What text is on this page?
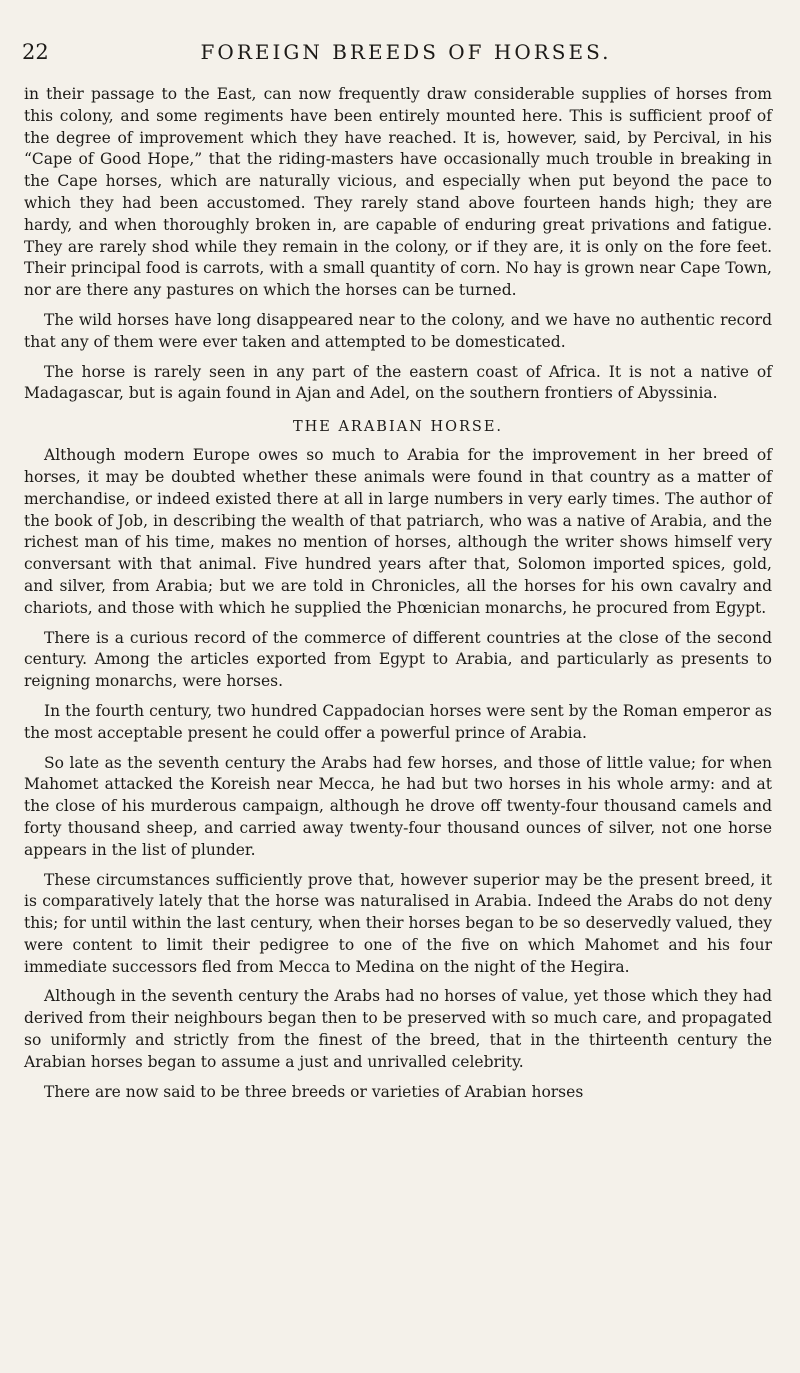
22	FOREIGN BREEDS OF HORSES.

in their passage to the East, can now frequently draw considerable supplies of horses from this colony, and some regiments have been entirely mounted here. This is sufficient proof of the degree of improvement which they have reached. It is, however, said, by Percival, in his “Cape of Good Hope,” that the riding-masters have occasionally much trouble in breaking in the Cape horses, which are naturally vicious, and especially when put beyond the pace to which they had been accustomed. They rarely stand above fourteen hands high; they are hardy, and when thoroughly broken in, are capable of enduring great privations and fatigue. They are rarely shod while they remain in the colony, or if they are, it is only on the fore feet. Their principal food is carrots, with a small quantity of corn. No hay is grown near Cape Town, nor are there any pastures on which the horses can be turned.

The wild horses have long disappeared near to the colony, and we have no authentic record that any of them were ever taken and attempted to be domesticated.

The horse is rarely seen in any part of the eastern coast of Africa. It is not a native of Madagascar, but is again found in Ajan and Adel, on the southern frontiers of Abyssinia.

THE ARABIAN HORSE.

Although modern Europe owes so much to Arabia for the improvement in her breed of horses, it may be doubted whether these animals were found in that country as a matter of merchandise, or indeed existed there at all in large numbers in very early times. The author of the book of Job, in describing the wealth of that patriarch, who was a native of Arabia, and the richest man of his time, makes no mention of horses, although the writer shows himself very conversant with that animal. Five hundred years after that, Solomon imported spices, gold, and silver, from Arabia; but we are told in Chronicles, all the horses for his own cavalry and chariots, and those with which he supplied the Phœnician monarchs, he procured from Egypt.

There is a curious record of the commerce of different countries at the close of the second century. Among the articles exported from Egypt to Arabia, and particularly as presents to reigning monarchs, were horses.

In the fourth century, two hundred Cappadocian horses were sent by the Roman emperor as the most acceptable present he could offer a powerful prince of Arabia.

So late as the seventh century the Arabs had few horses, and those of little value; for when Mahomet attacked the Koreish near Mecca, he had but two horses in his whole army: and at the close of his murderous campaign, although he drove off twenty-four thousand camels and forty thousand sheep, and carried away twenty-four thousand ounces of silver, not one horse appears in the list of plunder.

These circumstances sufficiently prove that, however superior may be the present breed, it is comparatively lately that the horse was naturalised in Arabia. Indeed the Arabs do not deny this; for until within the last century, when their horses began to be so deservedly valued, they were content to limit their pedigree to one of the five on which Mahomet and his four immediate successors fled from Mecca to Medina on the night of the Hegira.

Although in the seventh century the Arabs had no horses of value, yet those which they had derived from their neighbours began then to be preserved with so much care, and propagated so uniformly and strictly from the finest of the breed, that in the thirteenth century the Arabian horses began to assume a just and unrivalled celebrity.

There are now said to be three breeds or varieties of Arabian horses
